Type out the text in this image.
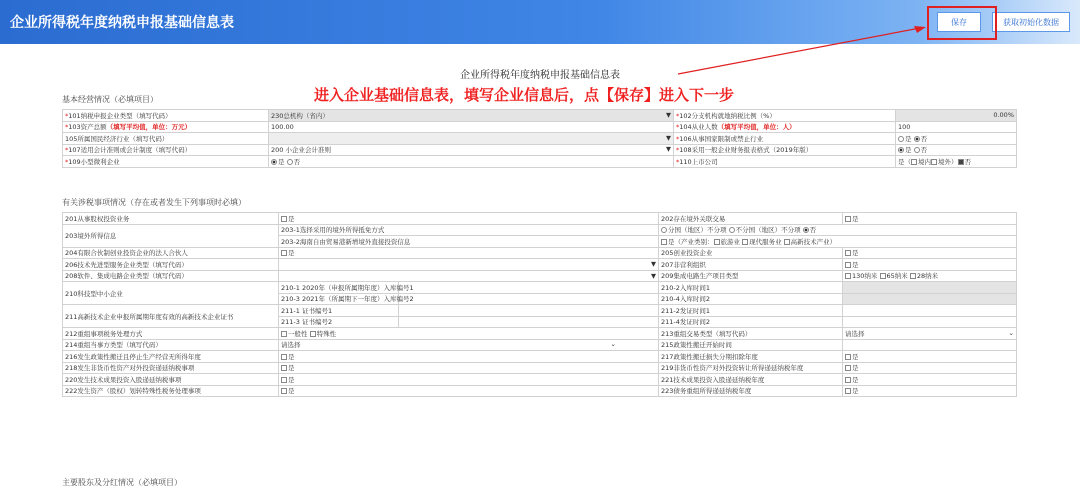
企业所得税年度纳税申报基础信息表	保存	获取初始化数据
企业所得税年度纳税申报基础信息表
进入企业基础信息表，填写企业信息后，点【保存】进入下一步
基本经营情况（必填项目）
*101纳税申报企业类型（填写代码）	230总机构（省内） ▼	*102分支机构就地纳税比例（%）	0.00%
*103资产总额（填写平均值，单位：万元）	100.00	*104从业人数（填写平均值，单位：人）	100
105所属国民经济行业（填写代码）	▼	*106从事国家限制或禁止行业	是 否
*107适用会计准则或会计制度（填写代码）	200 小企业会计准则 ▼	*108采用一般企业财务报表格式（2019年版）	是 否
*109小型微利企业	是 否	*110上市公司	是（ 境内 境外） 否
有关涉税事项情况（存在或者发生下列事项时必填）
201从事股权投资业务	是		202存在境外关联交易	是
203境外所得信息	203-1选择采用的境外所得抵免方式		分国（地区）不分项 不分国（地区）不分项 否	
	203-2海南自由贸易港新增境外直接投资信息		是（产业类别： 旅游业 现代服务业 高新技术产业）	
204有限合伙制创业投资企业的法人合伙人	是		205创业投资企业	是
206技术先进型服务企业类型（填写代码）	▼		207非营利组织	是
208软件、集成电路企业类型（填写代码）	▼		209集成电路生产项目类型	130纳米 65纳米 28纳米
210科技型中小企业	210-1 2020年（申报所属期年度）入库编号1		210-2入库时间1	
	210-3 2021年（所属期下一年度）入库编号2		210-4入库时间2	
211高新技术企业申报所属期年度有效的高新技术企业证书	211-1 证书编号1		211-2发证时间1	
	211-3 证书编号2		211-4发证时间2	
212重组事项税务处理方式	一般性 特殊性		213重组交易类型（填写代码）	请选择 ⌄

214重组当事方类型（填写代码）	请选择 ⌄		215政策性搬迁开始时间	
216发生政策性搬迁且停止生产经营无所得年度	是		217政策性搬迁损失分期扣除年度	是
218发生非货币性资产对外投资递延纳税事项	是		219非货币性资产对外投资转让所得递延纳税年度	是
220发生技术成果投资入股递延纳税事项	是		221技术成果投资入股递延纳税年度	是
222发生资产（股权）划转特殊性税务处理事项	是		223债务重组所得递延纳税年度	是
主要股东及分红情况（必填项目）
